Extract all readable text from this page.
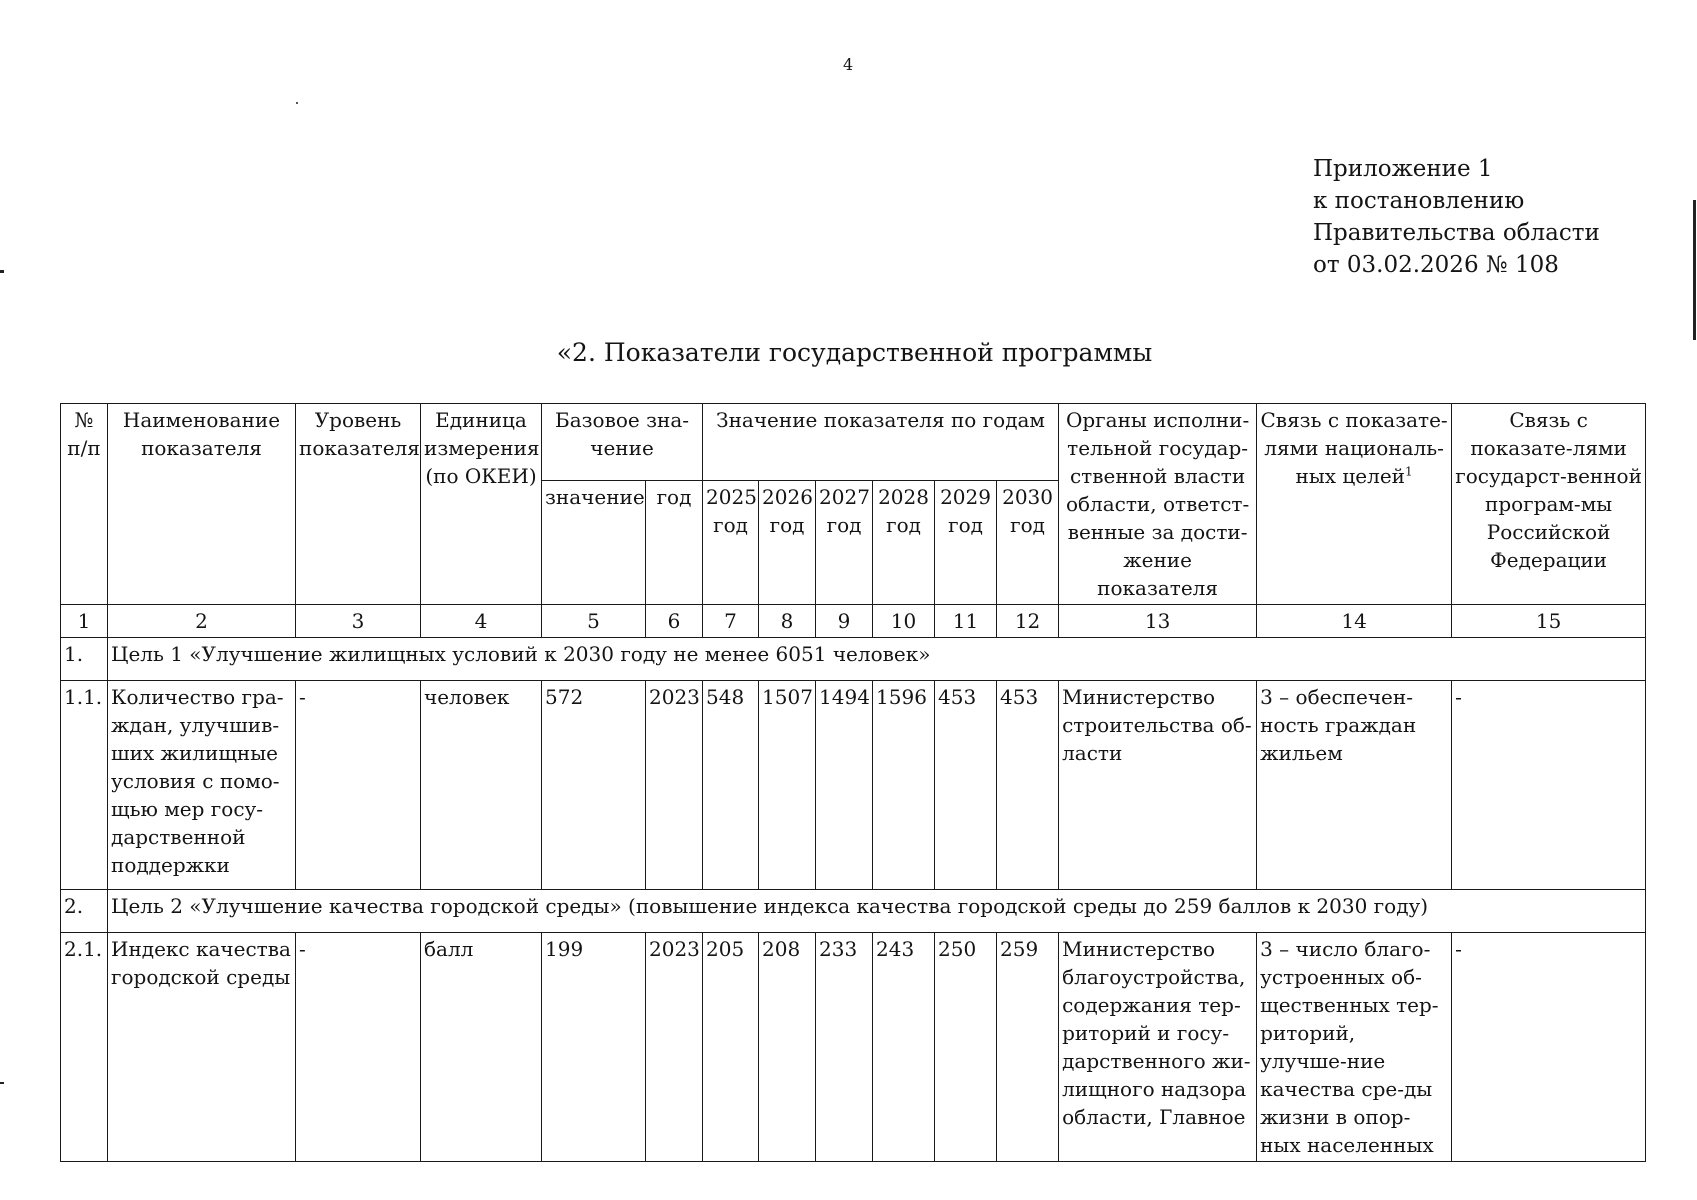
4
Приложение 1
к постановлению
Правительства области
от 03.02.2026 № 108
«2. Показатели государственной программы
№ п/п	Наименование показателя	Уровень показателя	Единица измерения (по ОКЕИ)	Базовое зна-чение		Значение показателя по годам						Органы исполни-тельной государ-ственной власти области, ответст-венные за дости-жение показателя	Связь с показате-лями националь-ных целей$^1$	Связь с показате-лями государст-венной програм-мы Российской Федерации
				значение	год	2025 год	2026 год	2027 год	2028 год	2029 год	2030 год			
1	2	3	4	5	6	7	8	9	10	11	12	13	14	15
1.	Цель 1 «Улучшение жилищных условий к 2030 году не менее 6051 человек»													
1.1.	Количество гра-ждан, улучшив-ших жилищные условия с помо-щью мер госу-дарственной поддержки	-	человек	572	2023	548	1507	1494	1596	453	453	Министерство строительства об-ласти	3 – обеспечен-ность граждан жильем	-
2.	Цель 2 «Улучшение качества городской среды» (повышение индекса качества городской среды до 259 баллов к 2030 году)													
2.1.	Индекс качества городской среды	-	балл	199	2023	205	208	233	243	250	259	Министерство благоустройства, содержания тер-риторий и госу-дарственного жи-лищного надзора области, Главное	3 – число благо-устроенных об-щественных тер-риторий, улучше-ние качества сре-ды жизни в опор-ных населенных	-
